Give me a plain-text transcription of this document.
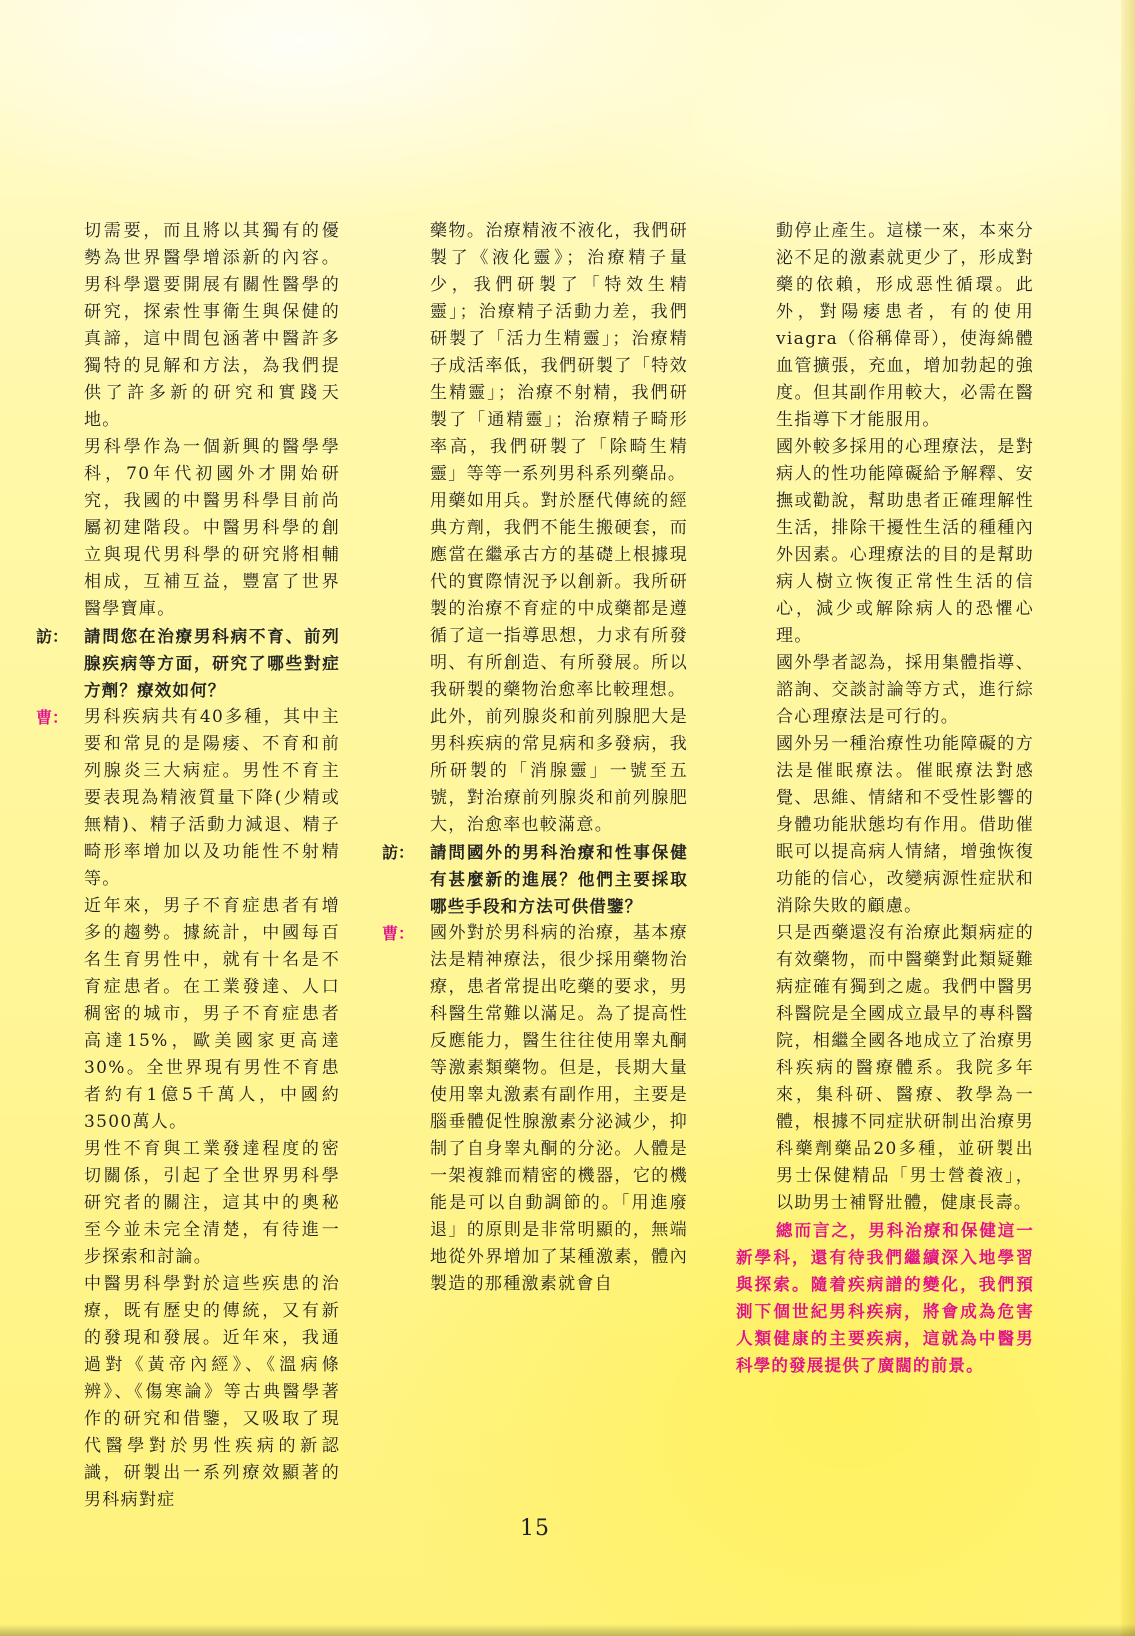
切需要，而且將以其獨有的優勢為世界醫學增添新的內容。男科學還要開展有關性醫學的研究，探索性事衛生與保健的真諦，這中間包涵著中醫許多獨特的見解和方法，為我們提供了許多新的研究和實踐天地。

男科學作為一個新興的醫學學科，70年代初國外才開始研究，我國的中醫男科學目前尚屬初建階段。中醫男科學的創立與現代男科學的研究將相輔相成，互補互益，豐富了世界醫學寶庫。

訪： 請問您在治療男科病不育、前列腺疾病等方面，研究了哪些對症方劑？療效如何？

曹： 男科疾病共有40多種，其中主要和常見的是陽痿、不育和前列腺炎三大病症。男性不育主要表現為精液質量下降(少精或無精)、精子活動力減退、精子畸形率增加以及功能性不射精等。

近年來，男子不育症患者有增多的趨勢。據統計，中國每百名生育男性中，就有十名是不育症患者。在工業發達、人口稠密的城市，男子不育症患者高達15%，歐美國家更高達30%。全世界現有男性不育患者約有1億5千萬人，中國約3500萬人。

男性不育與工業發達程度的密切關係，引起了全世界男科學研究者的關注，這其中的奧秘至今並未完全清楚，有待進一步探索和討論。

中醫男科學對於這些疾患的治療，既有歷史的傳統，又有新的發現和發展。近年來，我通過對《黃帝內經》、《溫病條辨》、《傷寒論》等古典醫學著作的研究和借鑒，又吸取了現代醫學對於男性疾病的新認識，研製出一系列療效顯著的男科病對症

藥物。治療精液不液化，我們研製了《液化靈》；治療精子量少，我們研製了「特效生精靈」；治療精子活動力差，我們研製了「活力生精靈」；治療精子成活率低，我們研製了「特效生精靈」；治療不射精，我們研製了「通精靈」；治療精子畸形率高，我們研製了「除畸生精靈」等等一系列男科系列藥品。

用藥如用兵。對於歷代傳統的經典方劑，我們不能生搬硬套，而應當在繼承古方的基礎上根據現代的實際情況予以創新。我所研製的治療不育症的中成藥都是遵循了這一指導思想，力求有所發明、有所創造、有所發展。所以我研製的藥物治愈率比較理想。

此外，前列腺炎和前列腺肥大是男科疾病的常見病和多發病，我所研製的「消腺靈」一號至五號，對治療前列腺炎和前列腺肥大，治愈率也較滿意。

訪： 請問國外的男科治療和性事保健有甚麼新的進展？他們主要採取哪些手段和方法可供借鑒？

曹： 國外對於男科病的治療，基本療法是精神療法，很少採用藥物治療，患者常提出吃藥的要求，男科醫生常難以滿足。為了提高性反應能力，醫生往往使用睾丸酮等激素類藥物。但是，長期大量使用睾丸激素有副作用，主要是腦垂體促性腺激素分泌減少，抑制了自身睾丸酮的分泌。人體是一架複雜而精密的機器，它的機能是可以自動調節的。「用進廢退」的原則是非常明顯的，無端地從外界增加了某種激素，體內製造的那種激素就會自

動停止產生。這樣一來，本來分泌不足的激素就更少了，形成對藥的依賴，形成惡性循環。此外，對陽痿患者，有的使用viagra（俗稱偉哥），使海綿體血管擴張，充血，增加勃起的強度。但其副作用較大，必需在醫生指導下才能服用。

國外較多採用的心理療法，是對病人的性功能障礙給予解釋、安撫或勸說，幫助患者正確理解性生活，排除干擾性生活的種種內外因素。心理療法的目的是幫助病人樹立恢復正常性生活的信心，減少或解除病人的恐懼心理。

國外學者認為，採用集體指導、諮詢、交談討論等方式，進行綜合心理療法是可行的。

國外另一種治療性功能障礙的方法是催眠療法。催眠療法對感覺、思維、情緒和不受性影響的身體功能狀態均有作用。借助催眠可以提高病人情緒，增強恢復功能的信心，改變病源性症狀和消除失敗的顧慮。

只是西藥還沒有治療此類病症的有效藥物，而中醫藥對此類疑難病症確有獨到之處。我們中醫男科醫院是全國成立最早的專科醫院，相繼全國各地成立了治療男科疾病的醫療體系。我院多年來，集科研、醫療、教學為一體，根據不同症狀研制出治療男科藥劑藥品20多種，並研製出男士保健精品「男士營養液」，以助男士補腎壯體，健康長壽。

總而言之，男科治療和保健這一新學科，還有待我們繼續深入地學習與探索。隨着疾病譜的變化，我們預測下個世紀男科疾病，將會成為危害人類健康的主要疾病，這就為中醫男科學的發展提供了廣闊的前景。

15
